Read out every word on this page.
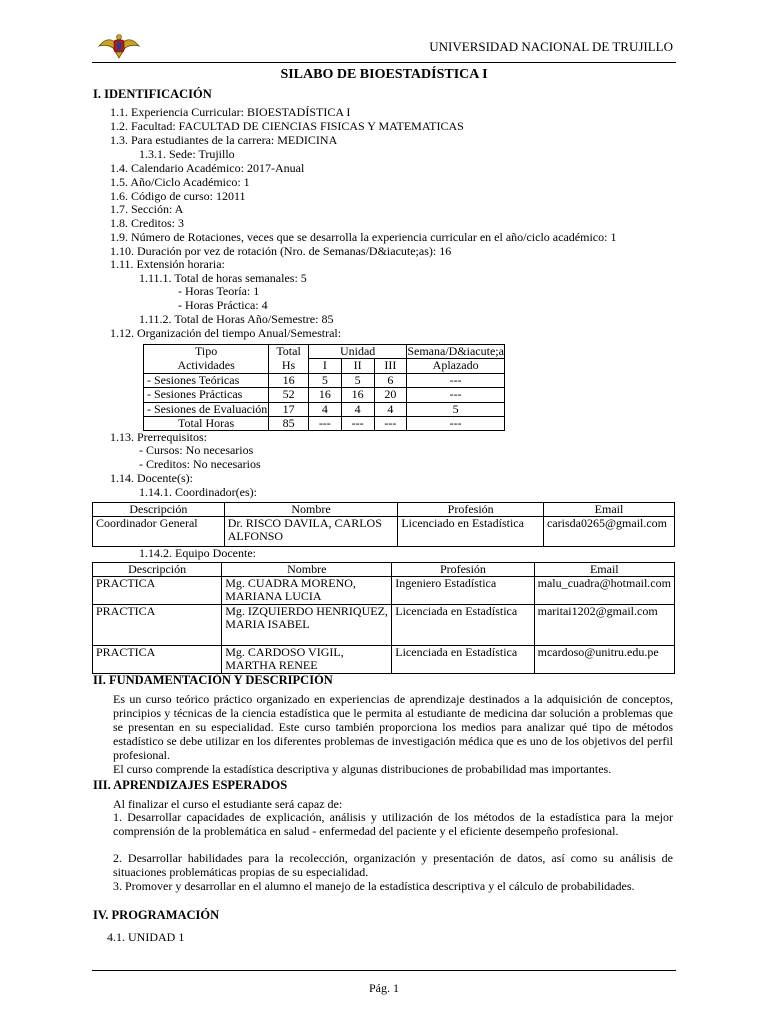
UNIVERSIDAD NACIONAL DE TRUJILLO
SILABO DE BIOESTADÍSTICA I
I. IDENTIFICACIÓN
1.1. Experiencia Curricular: BIOESTADÍSTICA I
1.2. Facultad: FACULTAD DE CIENCIAS FISICAS Y MATEMATICAS
1.3. Para estudiantes de la carrera: MEDICINA
1.3.1. Sede: Trujillo
1.4. Calendario Académico: 2017-Anual
1.5. Año/Ciclo Académico: 1
1.6. Código de curso: 12011
1.7. Sección: A
1.8. Creditos: 3
1.9. Número de Rotaciones, veces que se desarrolla la experiencia curricular en el año/ciclo académico: 1
1.10. Duración por vez de rotación (Nro. de Semanas/D&iacute;as): 16
1.11. Extensión horaria:
1.11.1. Total de horas semanales: 5
- Horas Teoría: 1
- Horas Práctica: 4
1.11.2. Total de Horas Año/Semestre: 85
1.12. Organización del tiempo Anual/Semestral:
Tipo	Total	Unidad			Semana/D&iacute;a
Actividades	Hs	I	II	III	Aplazado
- Sesiones Teóricas	16	5	5	6	---
- Sesiones Prácticas	52	16	16	20	---
- Sesiones de Evaluación	17	4	4	4	5
Total Horas	85	---	---	---	---
1.13. Prerrequisitos:
- Cursos: No necesarios
- Creditos: No necesarios
1.14. Docente(s):
1.14.1. Coordinador(es):
Descripción	Nombre	Profesión	Email
Coordinador General	Dr. RISCO DAVILA, CARLOS ALFONSO	Licenciado en Estadística	carisda0265@gmail.com
1.14.2. Equipo Docente:
Descripción	Nombre	Profesión	Email
PRACTICA	Mg. CUADRA MORENO, MARIANA LUCIA	Ingeniero Estadística	malu_cuadra@hotmail.com
PRACTICA	Mg. IZQUIERDO HENRIQUEZ, MARIA ISABEL	Licenciada en Estadística	maritai1202@gmail.com
PRACTICA	Mg. CARDOSO VIGIL, MARTHA RENEE	Licenciada en Estadística	mcardoso@unitru.edu.pe
II. FUNDAMENTACIÓN Y DESCRIPCIÓN
Es un curso teórico práctico organizado en experiencias de aprendizaje destinados a la adquisición de conceptos, principios y técnicas de la ciencia estadística que le permita al estudiante de medicina dar solución a problemas que se presentan en su especialidad. Este curso también proporciona los medios para analizar qué tipo de métodos estadístico se debe utilizar en los diferentes problemas de investigación médica que es uno de los objetivos del perfil profesional.
El curso comprende la estadística descriptiva y algunas distribuciones de probabilidad mas importantes.
III. APRENDIZAJES ESPERADOS
Al finalizar el curso el estudiante será capaz de:
1. Desarrollar capacidades de explicación, análisis y utilización de los métodos de la estadística para la mejor comprensión de la problemática en salud - enfermedad del paciente y el eficiente desempeño profesional.
2. Desarrollar habilidades para la recolección, organización y presentación de datos, así como su análisis de situaciones problemáticas propias de su especialidad.
3. Promover y desarrollar en el alumno el manejo de la estadística descriptiva y el cálculo de probabilidades.
IV. PROGRAMACIÓN
4.1. UNIDAD 1
Pág. 1
